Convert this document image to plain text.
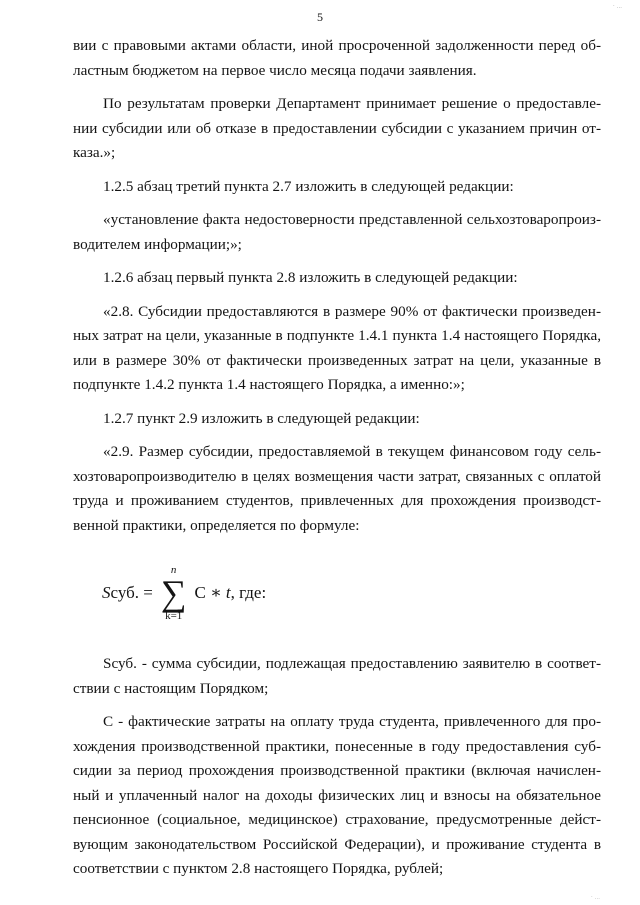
· ...
5

вии с правовыми актами области, иной просроченной задолженности перед областным бюджетом на первое число месяца подачи заявления.

По результатам проверки Департамент принимает решение о предоставлении субсидии или об отказе в предоставлении субсидии с указанием причин отказа.»;

1.2.5 абзац третий пункта 2.7 изложить в следующей редакции:

«установление факта недостоверности представленной сельхозтоваропроизводителем информации;»;

1.2.6 абзац первый пункта 2.8 изложить в следующей редакции:

«2.8. Субсидии предоставляются в размере 90% от фактически произведенных затрат на цели, указанные в подпункте 1.4.1 пункта 1.4 настоящего Порядка, или в размере 30% от фактически произведенных затрат на цели, указанные в подпункте 1.4.2 пункта 1.4 настоящего Порядка, а именно:»;

1.2.7 пункт 2.9 изложить в следующей редакции:

«2.9. Размер субсидии, предоставляемой в текущем финансовом году сельхозтоваропроизводителю в целях возмещения части затрат, связанных с оплатой труда и проживанием студентов, привлеченных для прохождения производственной практики, определяется по формуле:

S суб. =
n
∑
k=1
C ∗
t , где:

Sсуб. - сумма субсидии, подлежащая предоставлению заявителю в соответствии с настоящим Порядком;

С - фактические затраты на оплату труда студента, привлеченного для прохождения производственной практики, понесенные в году предоставления субсидии за период прохождения производственной практики (включая начисленный и уплаченный налог на доходы физических лиц и взносы на обязательное пенсионное (социальное, медицинское) страхование, предусмотренные действующим законодательством Российской Федерации), и проживание студента в соответствии с пунктом 2.8 настоящего Порядка, рублей;

· ...
